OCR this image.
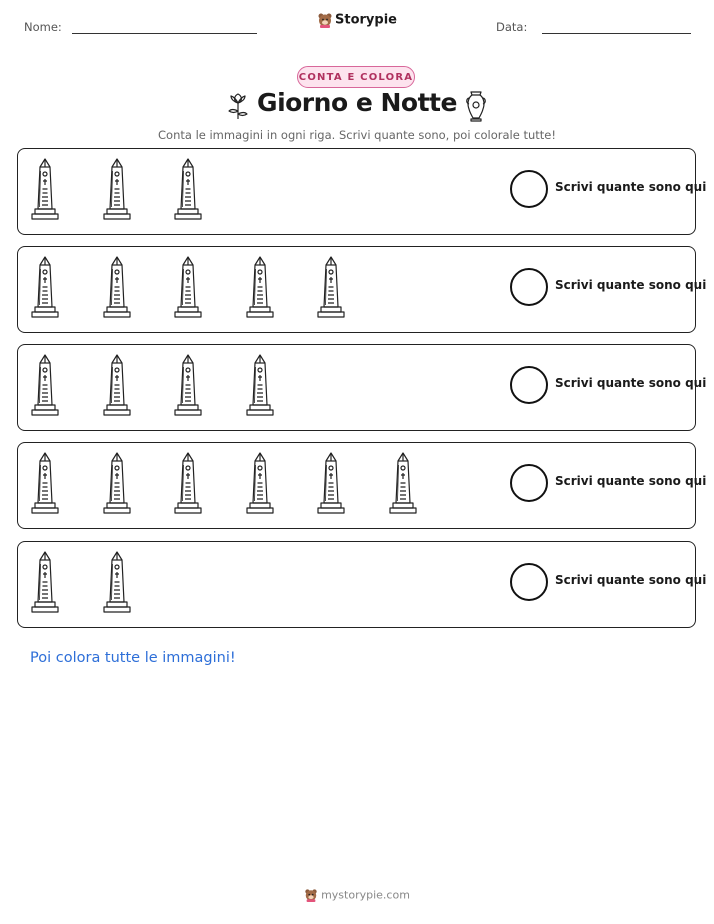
Nome:	Storypie	Data:
CONTA E COLORA
Giorno e Notte
Conta le immagini in ogni riga. Scrivi quante sono, poi colorale tutte!
Scrivi quante sono qui
Scrivi quante sono qui
Scrivi quante sono qui
Scrivi quante sono qui
Scrivi quante sono qui
Poi colora tutte le immagini!
mystorypie.com
